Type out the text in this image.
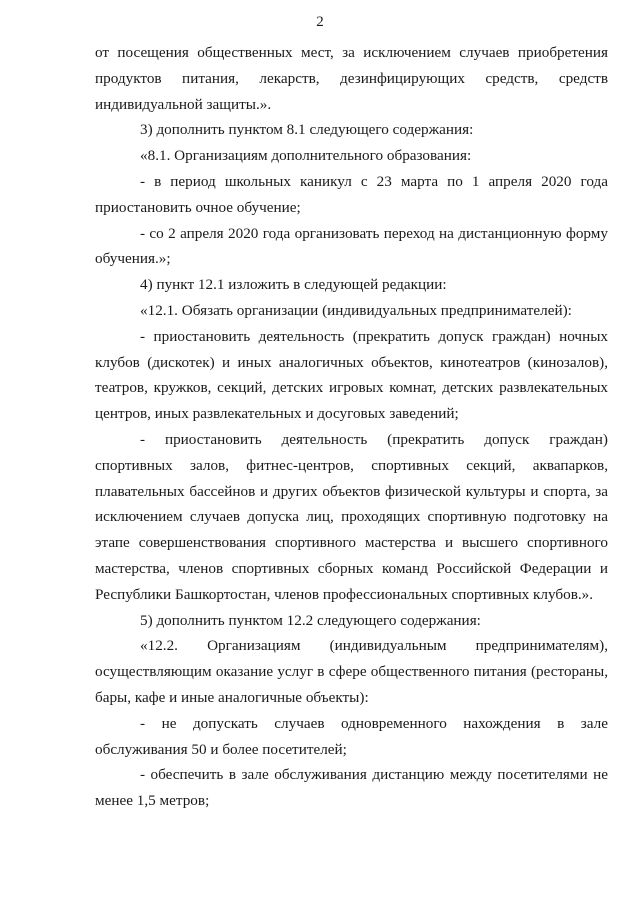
2

от посещения общественных мест, за исключением случаев приобретения продуктов питания, лекарств, дезинфицирующих средств, средств индивидуальной защиты.».

3) дополнить пунктом 8.1 следующего содержания:

«8.1. Организациям дополнительного образования:

- в период школьных каникул с 23 марта по 1 апреля 2020 года приостановить очное обучение;

- со 2 апреля 2020 года организовать переход на дистанционную форму обучения.»;

4) пункт 12.1 изложить в следующей редакции:

«12.1. Обязать организации (индивидуальных предпринимателей):

- приостановить деятельность (прекратить допуск граждан) ночных клубов (дискотек) и иных аналогичных объектов, кинотеатров (кинозалов), театров, кружков, секций, детских игровых комнат, детских развлекательных центров, иных развлекательных и досуговых заведений;

- приостановить деятельность (прекратить допуск граждан) спортивных залов, фитнес-центров, спортивных секций, аквапарков, плавательных бассейнов и других объектов физической культуры и спорта, за исключением случаев допуска лиц, проходящих спортивную подготовку на этапе совершенствования спортивного мастерства и высшего спортивного мастерства, членов спортивных сборных команд Российской Федерации и Республики Башкортостан, членов профессиональных спортивных клубов.».

5) дополнить пунктом 12.2 следующего содержания:

«12.2. Организациям (индивидуальным предпринимателям), осуществляющим оказание услуг в сфере общественного питания (рестораны, бары, кафе и иные аналогичные объекты):

- не допускать случаев одновременного нахождения в зале обслуживания 50 и более посетителей;

- обеспечить в зале обслуживания дистанцию между посетителями не менее 1,5 метров;
